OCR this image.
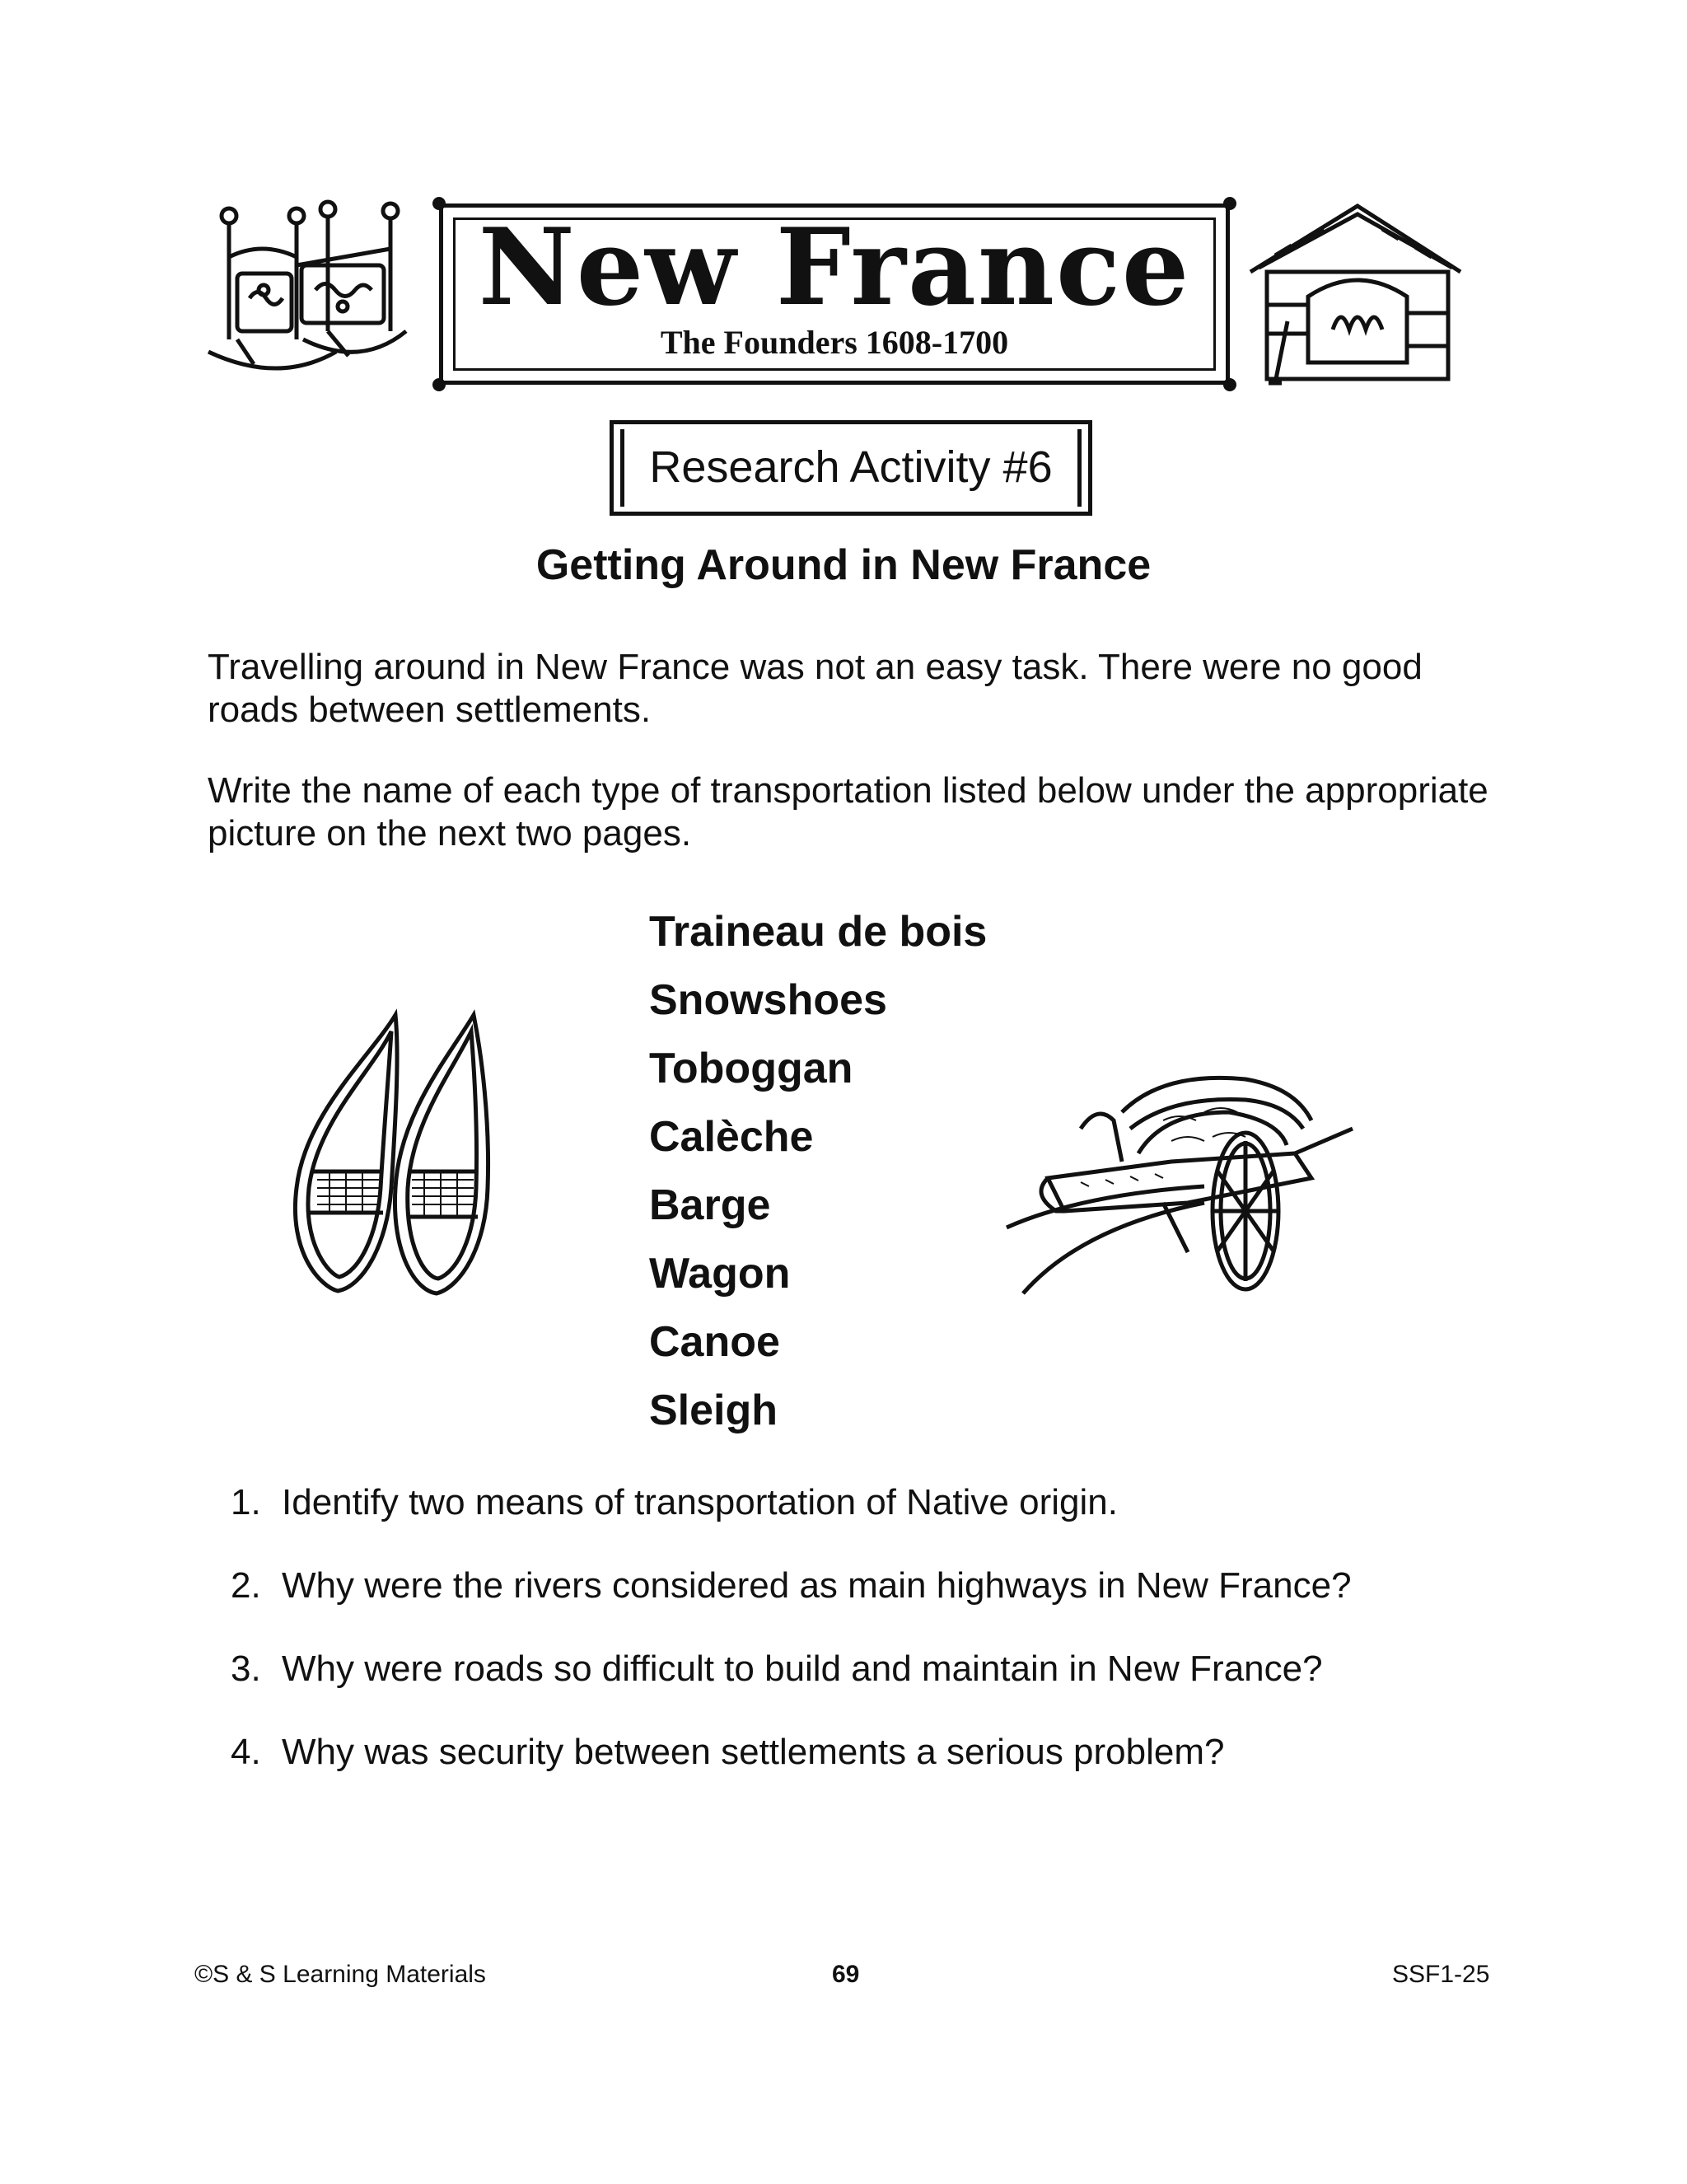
New France
The Founders 1608-1700
Research Activity #6
Getting Around in New France
Travelling around in New France was not an easy task. There were no good roads between settlements.
Write the name of each type of transportation listed below under the appropriate picture on the next two pages.
Traineau de bois
Snowshoes
Toboggan
Calèche
Barge
Wagon
Canoe
Sleigh
1. Identify two means of transportation of Native origin.
2. Why were the rivers considered as main highways in New France?
3. Why were roads so difficult to build and maintain in New France?
4. Why was security between settlements a serious problem?
©S & S Learning Materials	69	SSF1-25
